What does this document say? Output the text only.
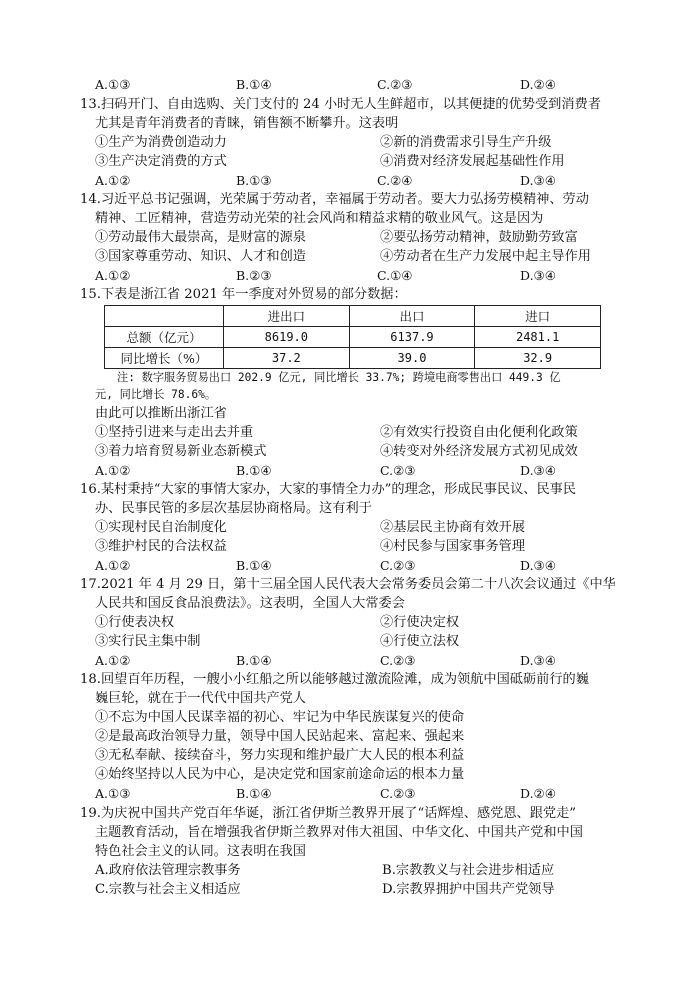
A.①③	B.①④	C.②③	D.②④
13.扫码开门、自由选购、关门支付的 24 小时无人生鲜超市，以其便捷的优势受到消费者
尤其是青年消费者的青睐，销售额不断攀升。这表明
①生产为消费创造动力	②新的消费需求引导生产升级
③生产决定消费的方式	④消费对经济发展起基础性作用
A.①②	B.①③	C.②④	D.③④
14.习近平总书记强调，光荣属于劳动者，幸福属于劳动者。要大力弘扬劳模精神、劳动
精神、工匠精神，营造劳动光荣的社会风尚和精益求精的敬业风气。这是因为
①劳动最伟大最崇高，是财富的源泉	②要弘扬劳动精神，鼓励勤劳致富
③国家尊重劳动、知识、人才和创造	④劳动者在生产力发展中起主导作用
A.①②	B.②③	C.①④	D.③④
15.下表是浙江省 2021 年一季度对外贸易的部分数据：
	进出口	出口	进口
总额（亿元）	8619.0	6137.9	2481.1
同比增长（%）	37.2	39.0	32.9
注: 数字服务贸易出口 202.9 亿元, 同比增长 33.7%; 跨境电商零售出口 449.3 亿
元, 同比增长 78.6%。
由此可以推断出浙江省
①坚持引进来与走出去并重	②有效实行投资自由化便利化政策
③着力培育贸易新业态新模式	④转变对外经济发展方式初见成效
A.①②	B.①④	C.②③	D.③④
16.某村秉持“大家的事情大家办，大家的事情全力办”的理念，形成民事民议、民事民
办、民事民管的多层次基层协商格局。这有利于
①实现村民自治制度化	②基层民主协商有效开展
③维护村民的合法权益	④村民参与国家事务管理
A.①②	B.①④	C.②③	D.③④
17.2021 年 4 月 29 日，第十三届全国人民代表大会常务委员会第二十八次会议通过《中华
人民共和国反食品浪费法》。这表明，全国人大常委会
①行使表决权	②行使决定权
③实行民主集中制	④行使立法权
A.①②	B.①④	C.②③	D.③④
18.回望百年历程，一艘小小红船之所以能够越过激流险滩，成为领航中国砥砺前行的巍
巍巨轮，就在于一代代中国共产党人
①不忘为中国人民谋幸福的初心、牢记为中华民族谋复兴的使命
②是最高政治领导力量，领导中国人民站起来、富起来、强起来
③无私奉献、接续奋斗，努力实现和维护最广大人民的根本利益
④始终坚持以人民为中心，是决定党和国家前途命运的根本力量
A.①③	B.①④	C.②③	D.②④
19.为庆祝中国共产党百年华诞，浙江省伊斯兰教界开展了“话辉煌、感党恩、跟党走”
主题教育活动，旨在增强我省伊斯兰教界对伟大祖国、中华文化、中国共产党和中国
特色社会主义的认同。这表明在我国
A.政府依法管理宗教事务	B.宗教教义与社会进步相适应
C.宗教与社会主义相适应	D.宗教界拥护中国共产党领导
